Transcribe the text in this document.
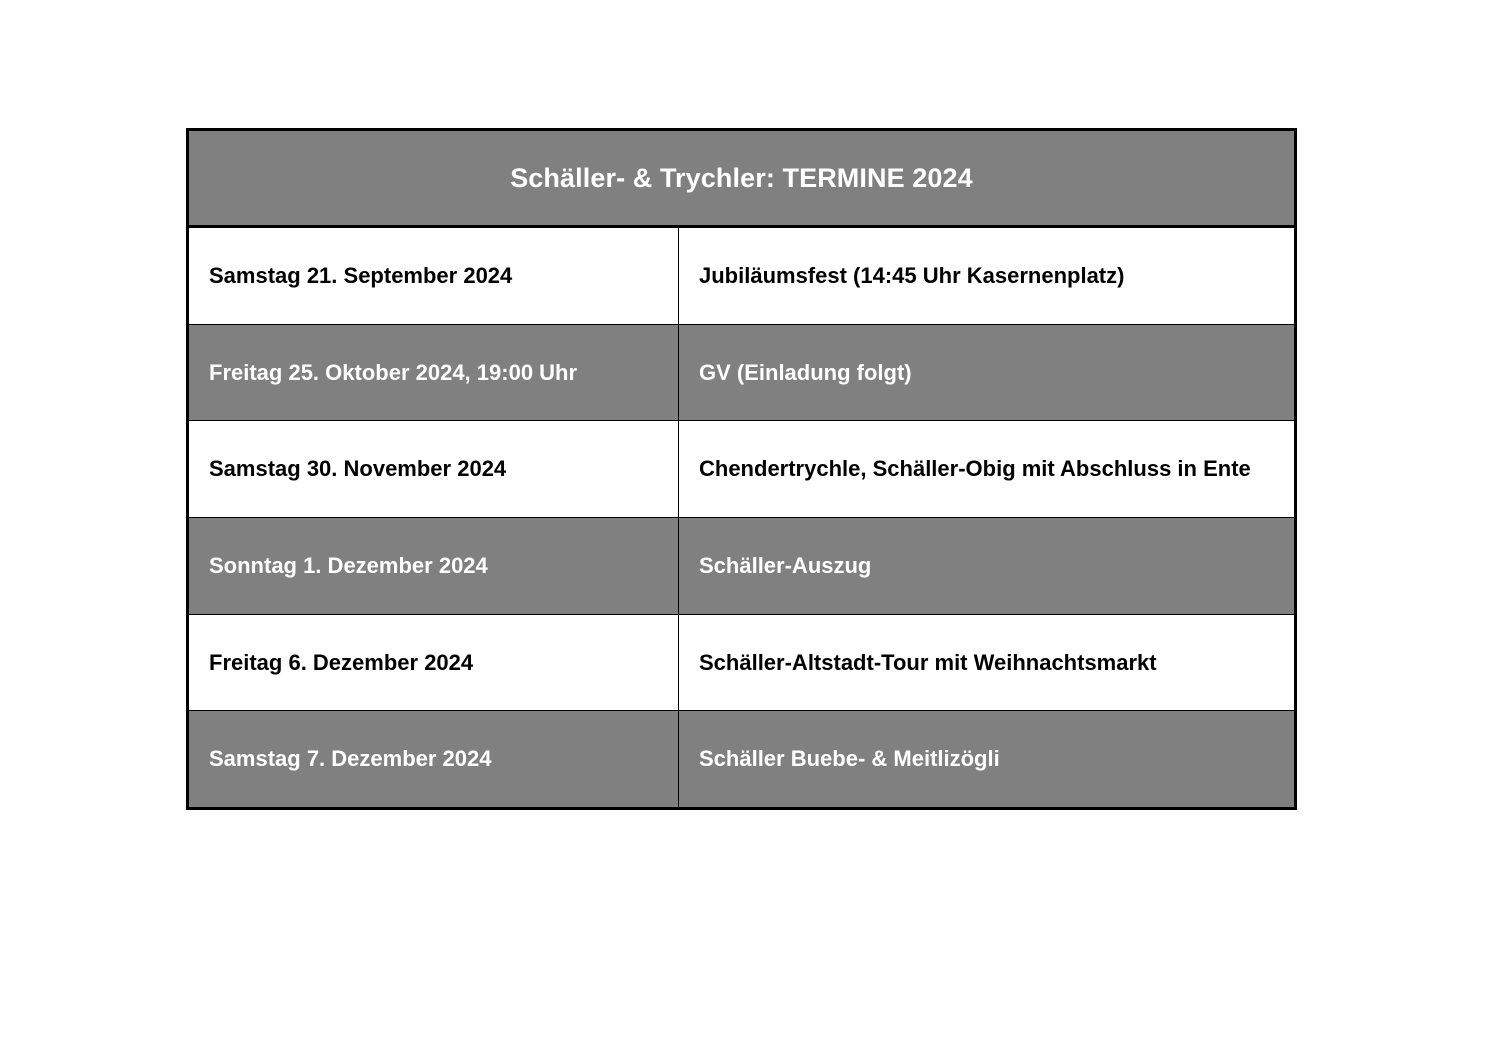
Schäller- & Trychler: TERMINE 2024
Samstag 21. September 2024	Jubiläumsfest (14:45 Uhr Kasernenplatz)
Freitag 25. Oktober 2024, 19:00 Uhr	GV (Einladung folgt)
Samstag 30. November 2024	Chendertrychle, Schäller-Obig mit Abschluss in Ente
Sonntag 1. Dezember 2024	Schäller-Auszug
Freitag 6. Dezember 2024	Schäller-Altstadt-Tour mit Weihnachtsmarkt
Samstag 7. Dezember 2024	Schäller Buebe- & Meitlizögli
